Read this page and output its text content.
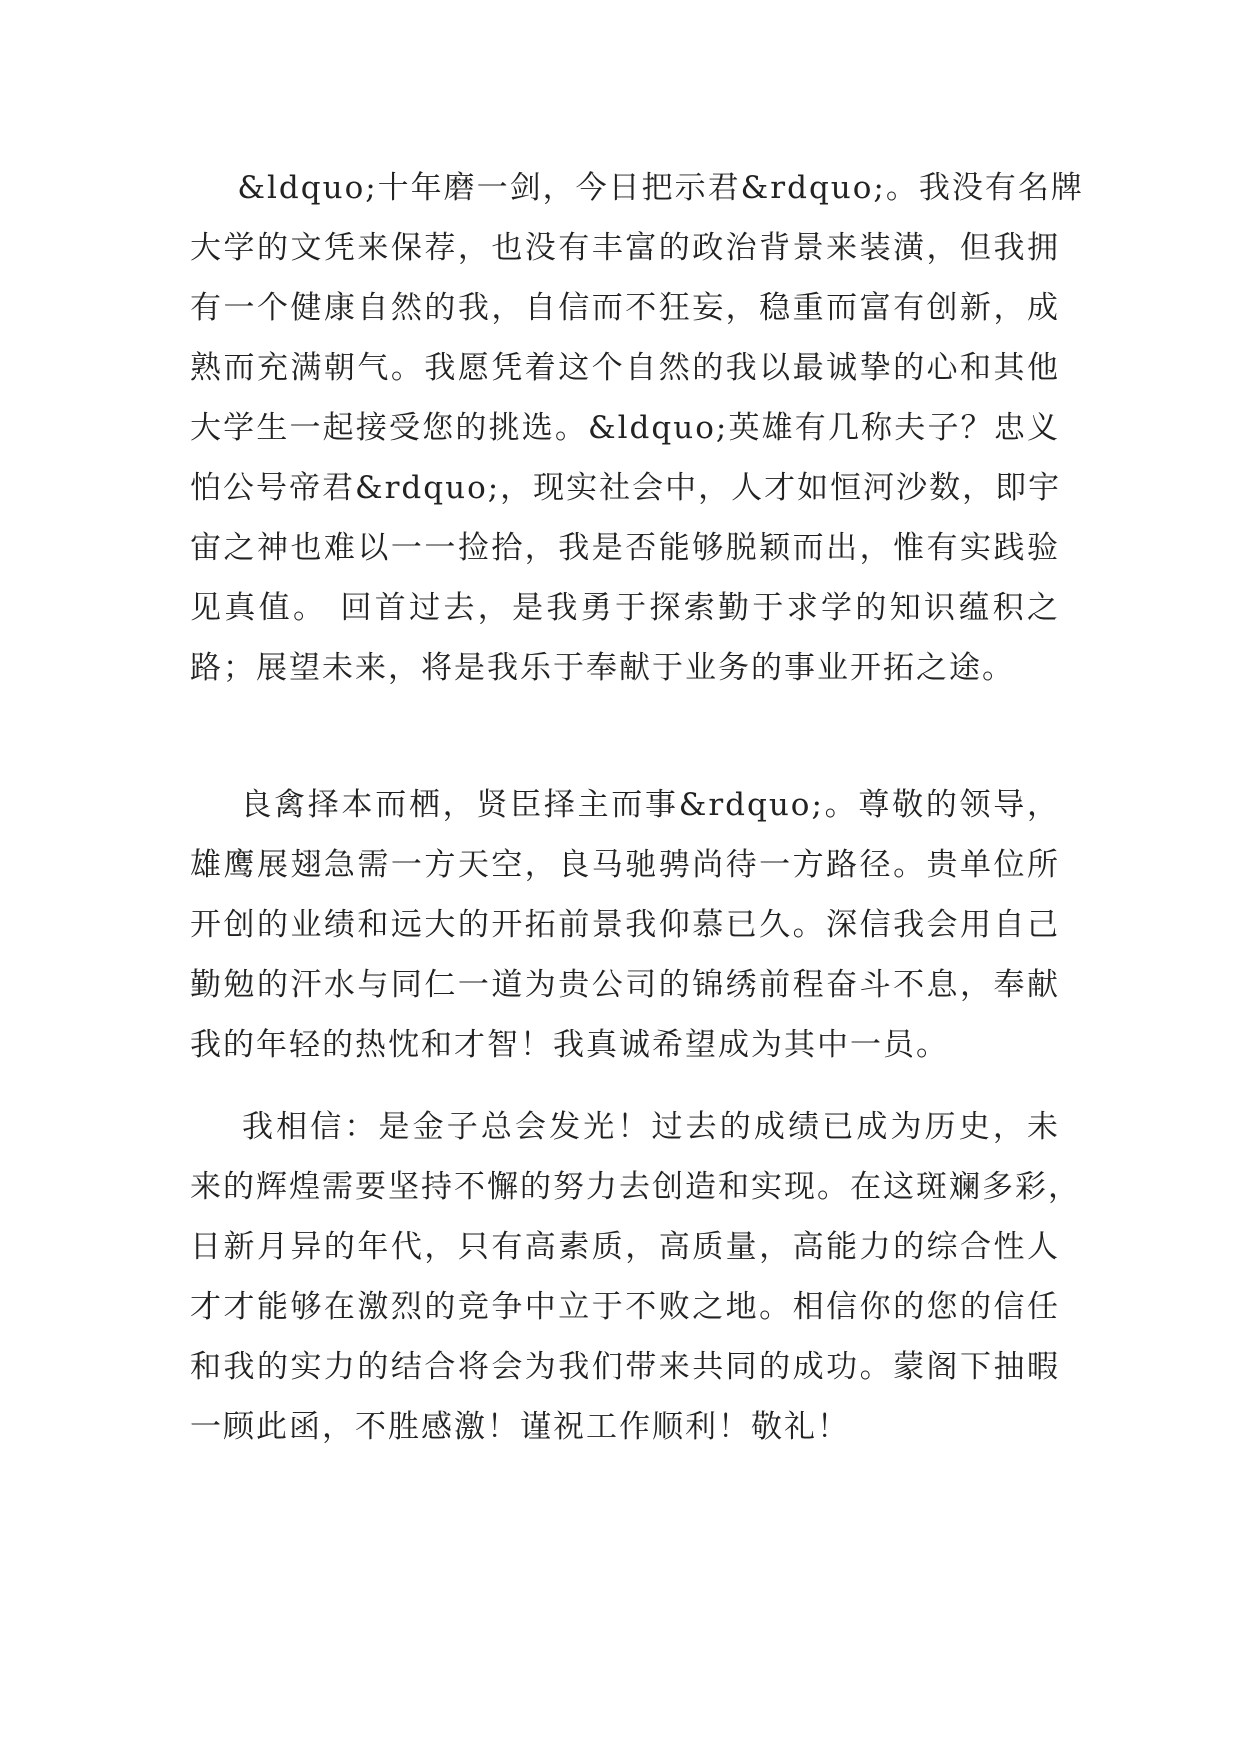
&ldquo;十年磨一剑，今日把示君&rdquo;。我没有名牌
大学的文凭来保荐，也没有丰富的政治背景来装潢，但我拥
有一个健康自然的我，自信而不狂妄，稳重而富有创新，成
熟而充满朝气。我愿凭着这个自然的我以最诚挚的心和其他
大学生一起接受您的挑选。&ldquo;英雄有几称夫子？忠义
怕公号帝君&rdquo;，现实社会中，人才如恒河沙数，即宇
宙之神也难以一一捡拾，我是否能够脱颖而出，惟有实践验
见真值。 回首过去，是我勇于探索勤于求学的知识蕴积之
路；展望未来，将是我乐于奉献于业务的事业开拓之途。
良禽择本而栖，贤臣择主而事&rdquo;。尊敬的领导，
雄鹰展翅急需一方天空，良马驰骋尚待一方路径。贵单位所
开创的业绩和远大的开拓前景我仰慕已久。深信我会用自己
勤勉的汗水与同仁一道为贵公司的锦绣前程奋斗不息，奉献
我的年轻的热忱和才智！我真诚希望成为其中一员。
我相信：是金子总会发光！过去的成绩已成为历史，未
来的辉煌需要坚持不懈的努力去创造和实现。在这斑斓多彩，
日新月异的年代，只有高素质，高质量，高能力的综合性人
才才能够在激烈的竞争中立于不败之地。相信你的您的信任
和我的实力的结合将会为我们带来共同的成功。蒙阁下抽暇
一顾此函，不胜感激！谨祝工作顺利！敬礼！
